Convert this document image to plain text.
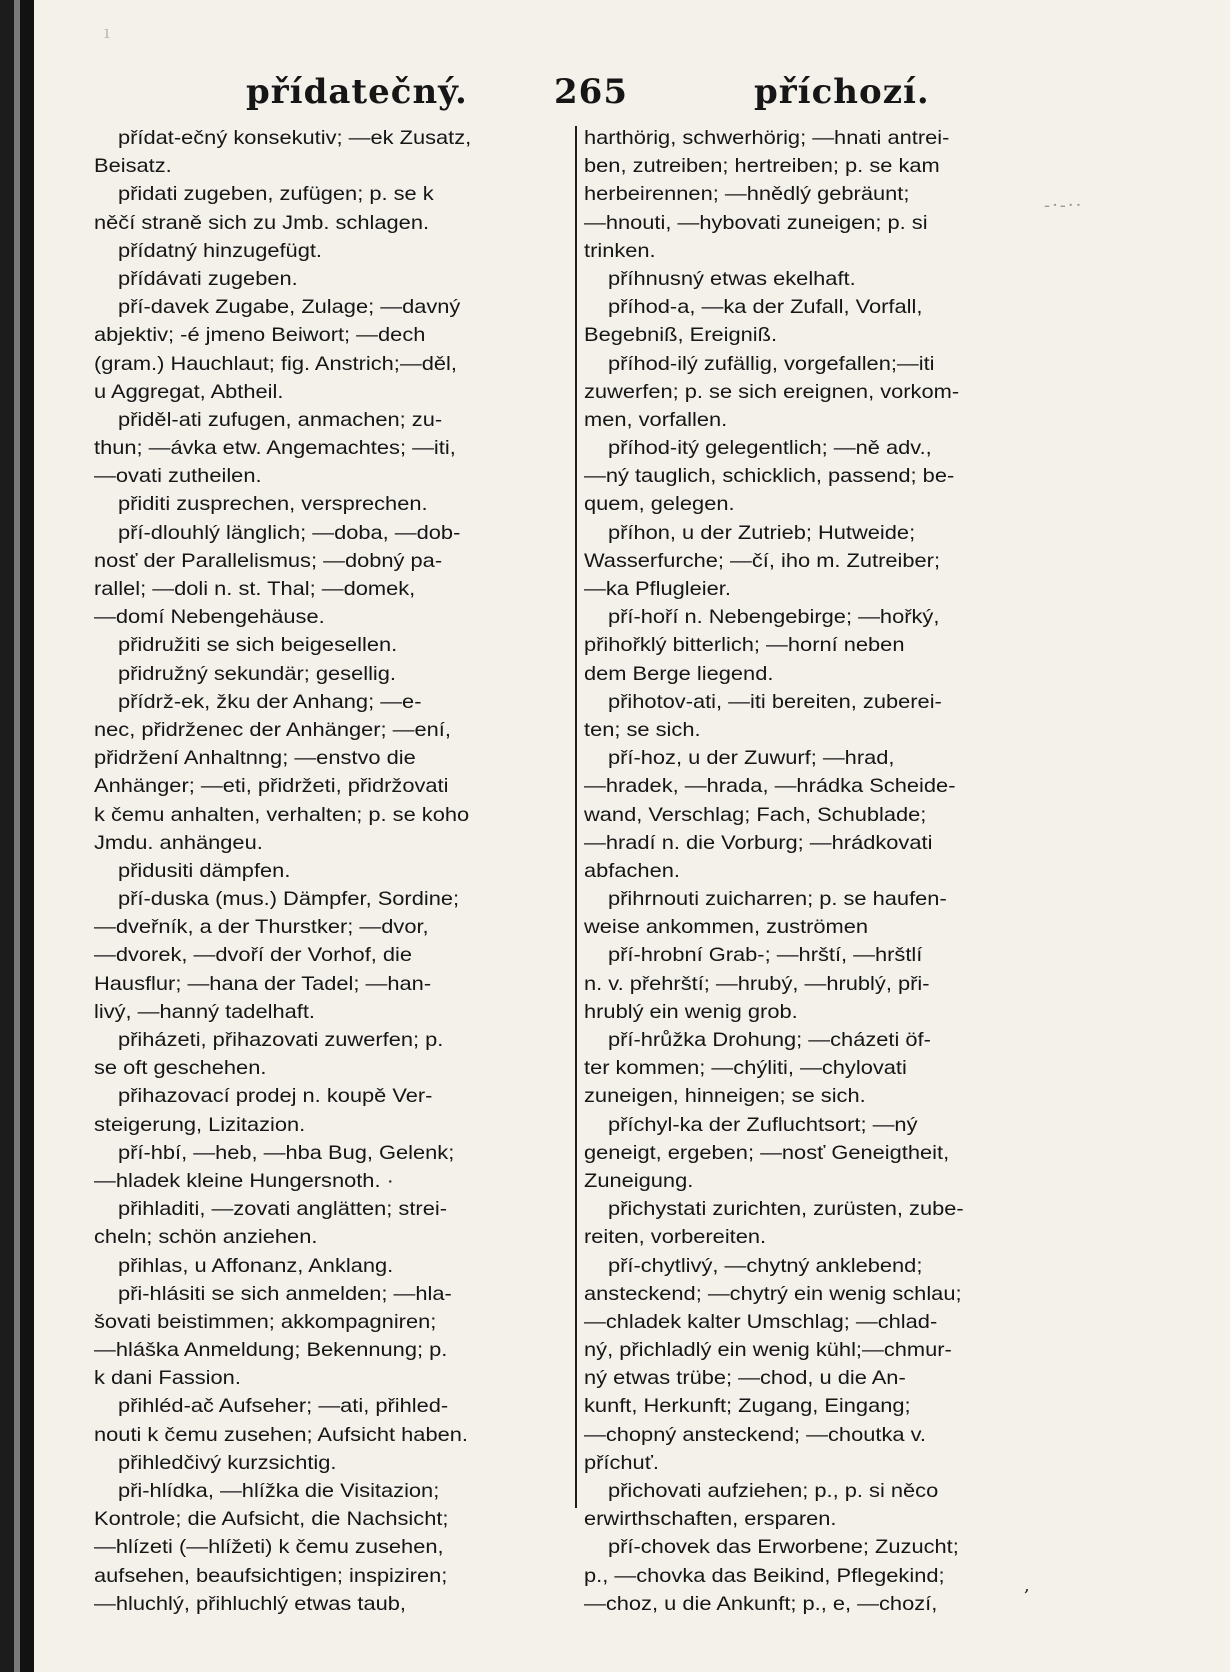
ı
-·-··
,
přídatečný.	265	příchozí.
přídat-ečný konsekutiv; —ek Zusatz,
Beisatz.
přidati zugeben, zufügen; p. se k
něčí straně sich zu Jmb. schlagen.
přídatný hinzugefügt.
přídávati zugeben.
pří-davek Zugabe, Zulage; —davný
abjektiv; -é jmeno Beiwort; —dech
(gram.) Hauchlaut; fig. Anstrich;—děl,
u Aggregat, Abtheil.
přiděl-ati zufugen, anmachen; zu-
thun; —ávka etw. Angemachtes; —iti,
—ovati zutheilen.
přiditi zusprechen, versprechen.
pří-dlouhlý länglich; —doba, —dob-
nosť der Parallelismus; —dobný pa-
rallel; —doli n. st. Thal; —domek,
—domí Nebengehäuse.
přidružiti se sich beigesellen.
přidružný sekundär; gesellig.
přídrž-ek, žku der Anhang; —e-
nec, přidrženec der Anhänger; —ení,
přidržení Anhaltnng; —enstvo die
Anhänger; —eti, přidržeti, přidržovati
k čemu anhalten, verhalten; p. se koho
Jmdu. anhängeu.
přidusiti dämpfen.
pří-duska (mus.) Dämpfer, Sordine;
—dveřník, a der Thurstker; —dvor,
—dvorek, —dvoří der Vorhof, die
Hausflur; —hana der Tadel; —han-
livý, —hanný tadelhaft.
přiházeti, přihazovati zuwerfen; p.
se oft geschehen.
přihazovací prodej n. koupě Ver-
steigerung, Lizitazion.
pří-hbí, —heb, —hba Bug, Gelenk;
—hladek kleine Hungersnoth. ·
přihladiti, —zovati anglätten; strei-
cheln; schön anziehen.
přihlas, u Affonanz, Anklang.
při-hlásiti se sich anmelden; —hla-
šovati beistimmen; akkompagniren;
—hláška Anmeldung; Bekennung; p.
k dani Fassion.
přihléd-ač Aufseher; —ati, přihled-
nouti k čemu zusehen; Aufsicht haben.
přihledčivý kurzsichtig.
při-hlídka, —hlížka die Visitazion;
Kontrole; die Aufsicht, die Nachsicht;
—hlízeti (—hlížeti) k čemu zusehen,
aufsehen, beaufsichtigen; inspiziren;
—hluchlý, přihluchlý etwas taub,
harthörig, schwerhörig; —hnati antrei-
ben, zutreiben; hertreiben; p. se kam
herbeirennen; —hnědlý gebräunt;
—hnouti, —hybovati zuneigen; p. si
trinken.
příhnusný etwas ekelhaft.
příhod-a, —ka der Zufall, Vorfall,
Begebniß, Ereigniß.
příhod-ilý zufällig, vorgefallen;—iti
zuwerfen; p. se sich ereignen, vorkom-
men, vorfallen.
příhod-itý gelegentlich; —ně adv.,
—ný tauglich, schicklich, passend; be-
quem, gelegen.
příhon, u der Zutrieb; Hutweide;
Wasserfurche; —čí, iho m. Zutreiber;
—ka Pflugleier.
pří-hoří n. Nebengebirge; —hořký,
přihořklý bitterlich; —horní neben
dem Berge liegend.
přihotov-ati, —iti bereiten, zuberei-
ten; se sich.
pří-hoz, u der Zuwurf; —hrad,
—hradek, —hrada, —hrádka Scheide-
wand, Verschlag; Fach, Schublade;
—hradí n. die Vorburg; —hrádkovati
abfachen.
přihrnouti zuicharren; p. se haufen-
weise ankommen, zuströmen
pří-hrobní Grab-; —hrští, —hrštlí
n. v. přehrští; —hrubý, —hrublý, při-
hrublý ein wenig grob.
pří-hrůžka Drohung; —cházeti öf-
ter kommen; —chýliti, —chylovati
zuneigen, hinneigen; se sich.
příchyl-ka der Zufluchtsort; —ný
geneigt, ergeben; —nosť Geneigtheit,
Zuneigung.
přichystati zurichten, zurüsten, zube-
reiten, vorbereiten.
pří-chytlivý, —chytný anklebend;
ansteckend; —chytrý ein wenig schlau;
—chladek kalter Umschlag; —chlad-
ný, přichladlý ein wenig kühl;—chmur-
ný etwas trübe; —chod, u die An-
kunft, Herkunft; Zugang, Eingang;
—chopný ansteckend; —choutka v.
příchuť.
přichovati aufziehen; p., p. si něco
erwirthschaften, ersparen.
pří-chovek das Erworbene; Zuzucht;
p., —chovka das Beikind, Pflegekind;
—choz, u die Ankunft; p., e, —chozí,
